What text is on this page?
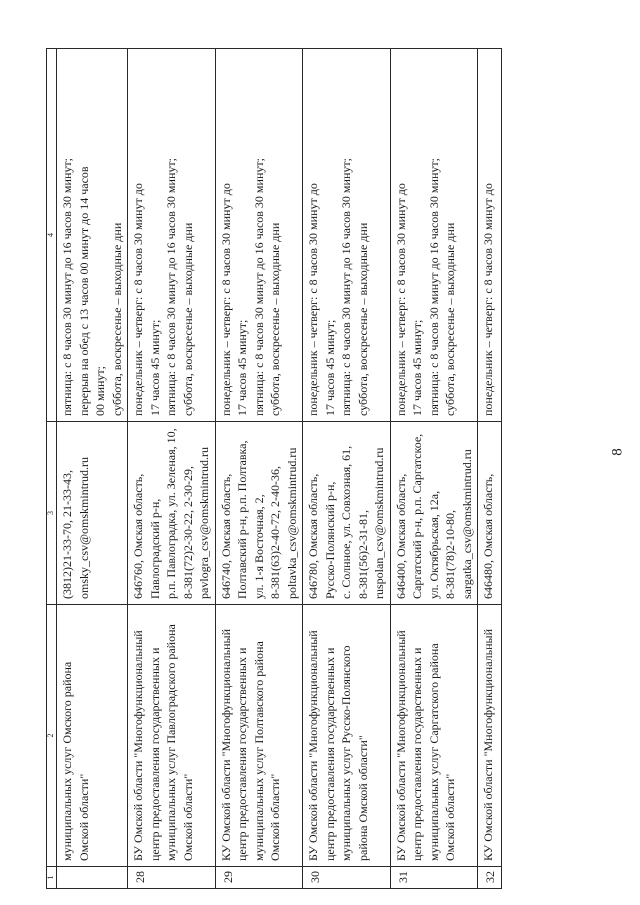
8
1	2	3	4

	муниципальных услуг Омского района Омской области"	(3812)21-33-70, 21-33-43, omsky_csv@omskmintrud.ru	пятница: с 8 часов 30 минут до 16 часов 30 минут; перерыв на обед с 13 часов 00 минут до 14 часов 00 минут; суббота, воскресенье – выходные дни

28	БУ Омской области "Многофункциональный центр предоставления государственных и муниципальных услуг Павлоградского района Омской области"	646760, Омская область, Павлоградский р-н, р.п. Павлоградка, ул. Зеленая, 10, 8-381(72)2-30-22, 2-30-29, pavlogra_csv@omskmintrud.ru	понедельник – четверг: с 8 часов 30 минут до 17 часов 45 минут; пятница: с 8 часов 30 минут до 16 часов 30 минут; суббота, воскресенье – выходные дни

29	КУ Омской области "Многофункциональный центр предоставления государственных и муниципальных услуг Полтавского района Омской области"	646740, Омская область, Полтавский р-н, р.п. Полтавка, ул. 1-я Восточная, 2, 8-381(63)2-40-72, 2-40-36, poltavka_csv@omskmintrud.ru	понедельник – четверг: с 8 часов 30 минут до 17 часов 45 минут; пятница: с 8 часов 30 минут до 16 часов 30 минут; суббота, воскресенье – выходные дни

30	БУ Омской области "Многофункциональный центр предоставления государственных и муниципальных услуг Русско-Полянского района Омской области"	646780, Омская область, Русско-Полянский р-н, с. Солнное, ул. Совхозная, 61, 8-381(56)2-31-81, ruspolan_csv@omskmintrud.ru	понедельник – четверг: с 8 часов 30 минут до 17 часов 45 минут; пятница: с 8 часов 30 минут до 16 часов 30 минут; суббота, воскресенье – выходные дни

31	БУ Омской области "Многофункциональный центр предоставления государственных и муниципальных услуг Саргатского района Омской области"	646400, Омская область, Саргатский р-н, р.п. Саргатское, ул. Октябрьская, 12а, 8-381(78)2-10-80, sargatka_csv@omskmintrud.ru	понедельник – четверг: с 8 часов 30 минут до 17 часов 45 минут; пятница: с 8 часов 30 минут до 16 часов 30 минут; суббота, воскресенье – выходные дни

32	КУ Омской области "Многофункциональный	646480, Омская область,	понедельник – четверг: с 8 часов 30 минут до
